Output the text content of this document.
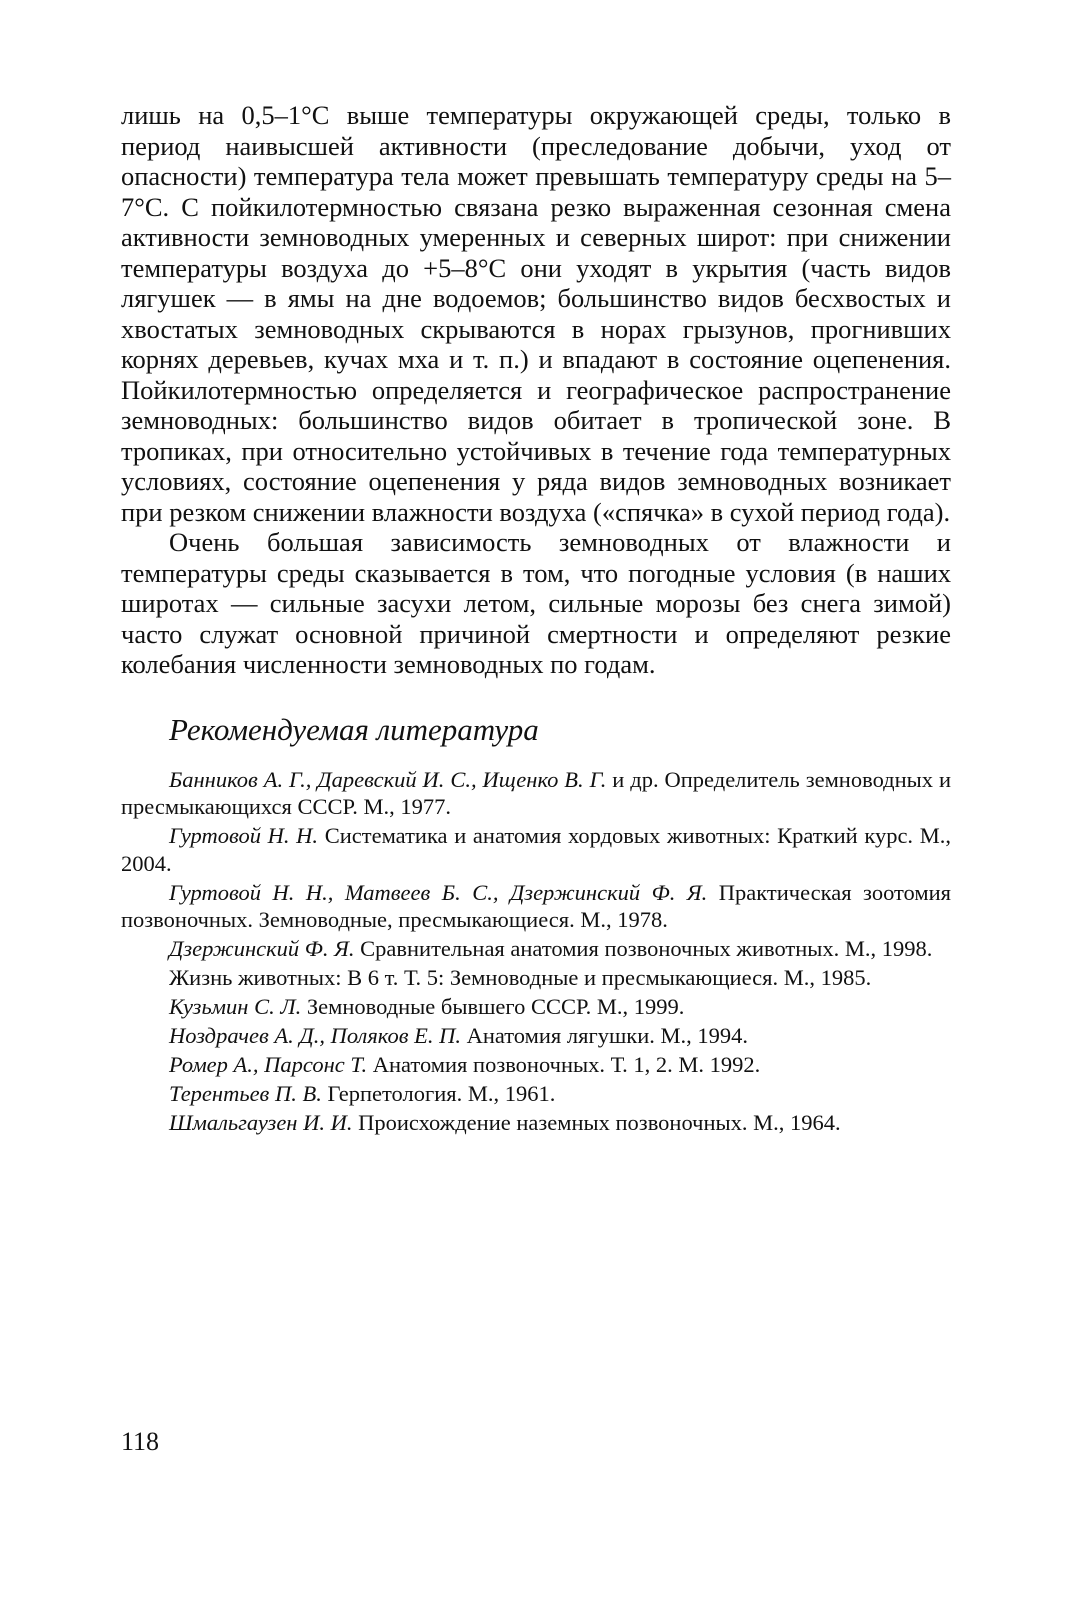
лишь на 0,5–1°С выше температуры окружающей среды, только в период наивысшей активности (преследование добычи, уход от опасности) температура тела может превышать температуру среды на 5–7°С. С пойкилотермностью связана резко выраженная сезонная смена активности земноводных умеренных и северных широт: при снижении температуры воздуха до +5–8°С они уходят в укрытия (часть видов лягушек — в ямы на дне водоемов; большинство видов бесхвостых и хвостатых земноводных скрываются в норах грызунов, прогнивших корнях деревьев, кучах мха и т. п.) и впадают в состояние оцепенения. Пойкилотермностью определяется и географическое распространение земноводных: большинство видов обитает в тропической зоне. В тропиках, при относительно устойчивых в течение года температурных условиях, состояние оцепенения у ряда видов земноводных возникает при резком снижении влажности воздуха («спячка» в сухой период года).

Очень большая зависимость земноводных от влажности и температуры среды сказывается в том, что погодные условия (в наших широтах — сильные засухи летом, сильные морозы без снега зимой) часто служат основной причиной смертности и определяют резкие колебания численности земноводных по годам.

Рекомендуемая литература

Банников А. Г., Даревский И. С., Ищенко В. Г. и др. Определитель земноводных и пресмыкающихся СССР. М., 1977.

Гуртовой Н. Н. Систематика и анатомия хордовых животных: Краткий курс. М., 2004.

Гуртовой Н. Н., Матвеев Б. С., Дзержинский Ф. Я. Практическая зоотомия позвоночных. Земноводные, пресмыкающиеся. М., 1978.

Дзержинский Ф. Я. Сравнительная анатомия позвоночных животных. М., 1998.

Жизнь животных: В 6 т. Т. 5: Земноводные и пресмыкающиеся. М., 1985.

Кузьмин С. Л. Земноводные бывшего СССР. М., 1999.

Ноздрачев А. Д., Поляков Е. П. Анатомия лягушки. М., 1994.

Ромер А., Парсонс Т. Анатомия позвоночных. Т. 1, 2. М. 1992.

Терентьев П. В. Герпетология. М., 1961.

Шмальгаузен И. И. Происхождение наземных позвоночных. М., 1964.

118
